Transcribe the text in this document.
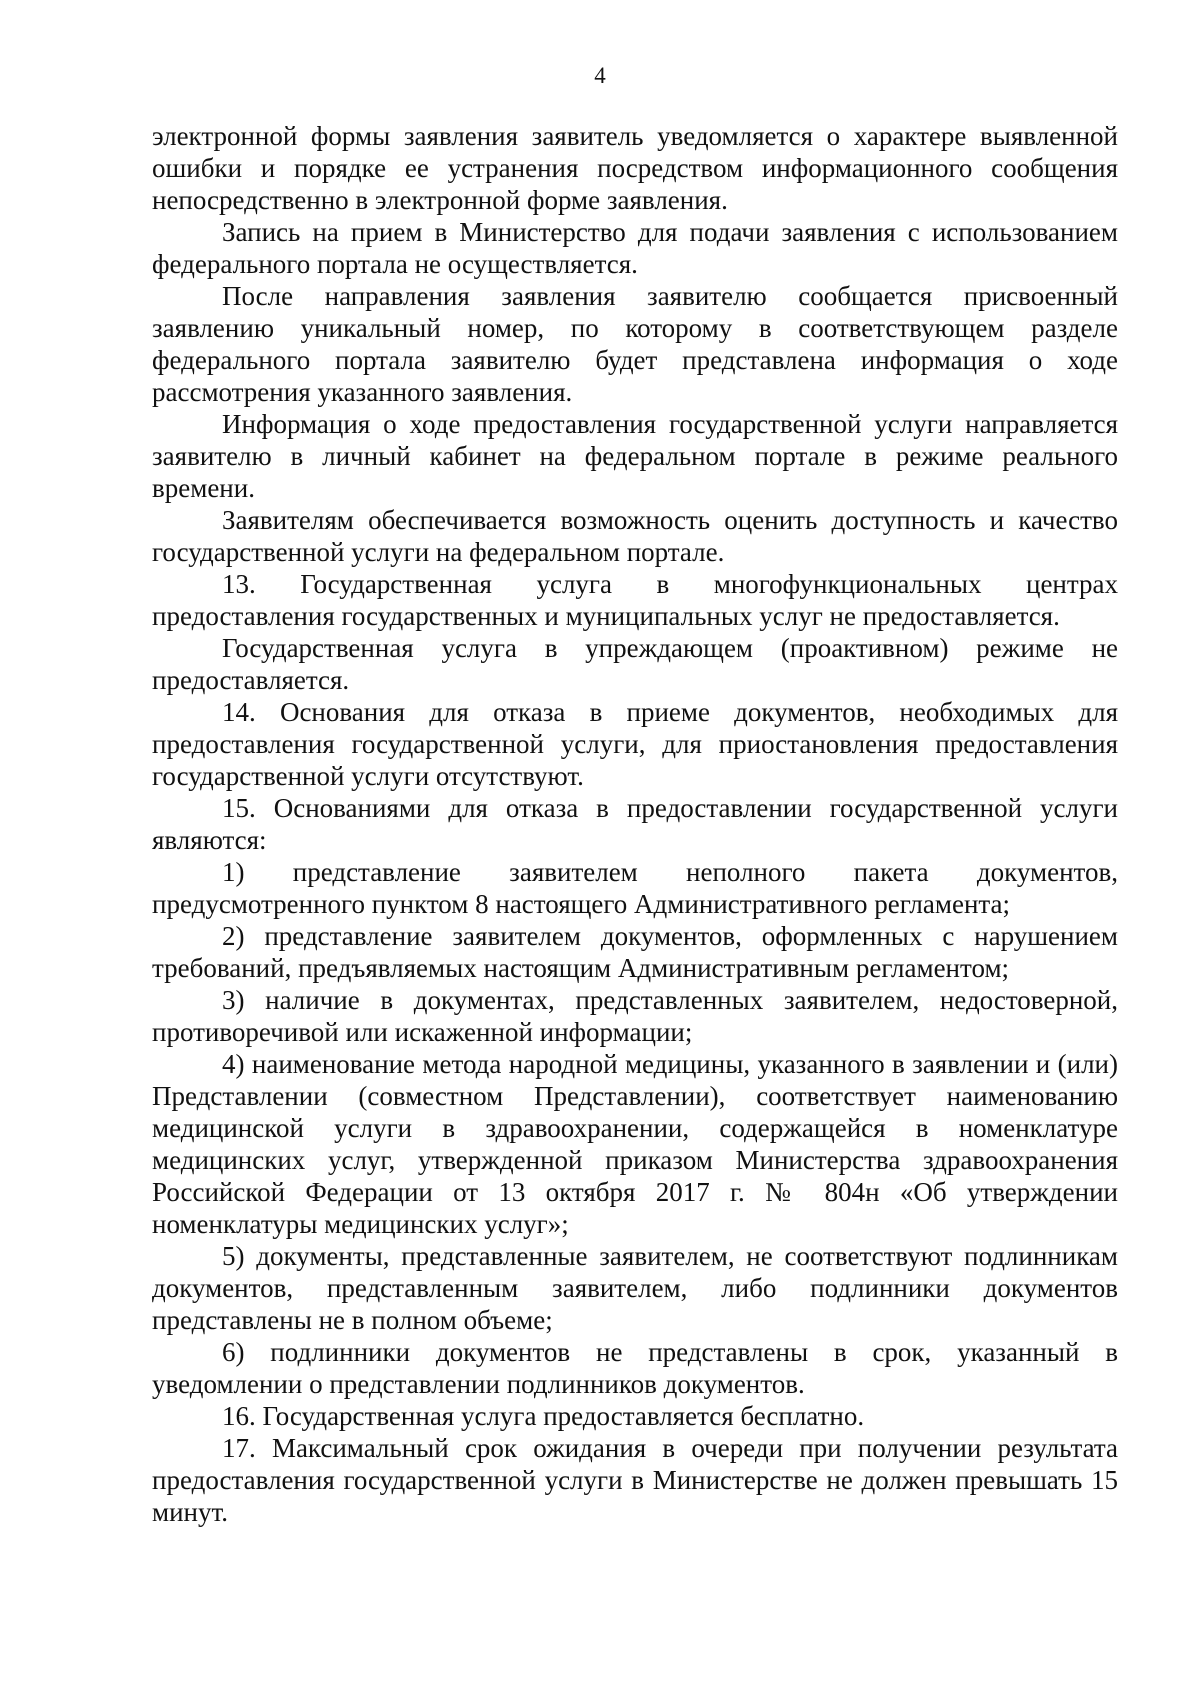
4

электронной формы заявления заявитель уведомляется о характере выявленной ошибки и порядке ее устранения посредством информационного сообщения непосредственно в электронной форме заявления.

Запись на прием в Министерство для подачи заявления с использованием федерального портала не осуществляется.

После направления заявления заявителю сообщается присвоенный заявлению уникальный номер, по которому в соответствующем разделе федерального портала заявителю будет представлена информация о ходе рассмотрения указанного заявления.

Информация о ходе предоставления государственной услуги направляется заявителю в личный кабинет на федеральном портале в режиме реального времени.

Заявителям обеспечивается возможность оценить доступность и качество государственной услуги на федеральном портале.

13. Государственная услуга в многофункциональных центрах предоставления государственных и муниципальных услуг не предоставляется.

Государственная услуга в упреждающем (проактивном) режиме не предоставляется.

14. Основания для отказа в приеме документов, необходимых для предоставления государственной услуги, для приостановления предоставления государственной услуги отсутствуют.

15. Основаниями для отказа в предоставлении государственной услуги являются:

1) представление заявителем неполного пакета документов, предусмотренного пунктом 8 настоящего Административного регламента;

2) представление заявителем документов, оформленных с нарушением требований, предъявляемых настоящим Административным регламентом;

3) наличие в документах, представленных заявителем, недостоверной, противоречивой или искаженной информации;

4) наименование метода народной медицины, указанного в заявлении и (или) Представлении (совместном Представлении), соответствует наименованию медицинской услуги в здравоохранении, содержащейся в номенклатуре медицинских услуг, утвержденной приказом Министерства здравоохранения Российской Федерации от 13 октября 2017 г. № 804н «Об утверждении номенклатуры медицинских услуг»;

5) документы, представленные заявителем, не соответствуют подлинникам документов, представленным заявителем, либо подлинники документов представлены не в полном объеме;

6) подлинники документов не представлены в срок, указанный в уведомлении о представлении подлинников документов.

16. Государственная услуга предоставляется бесплатно.

17. Максимальный срок ожидания в очереди при получении результата предоставления государственной услуги в Министерстве не должен превышать 15 минут.
